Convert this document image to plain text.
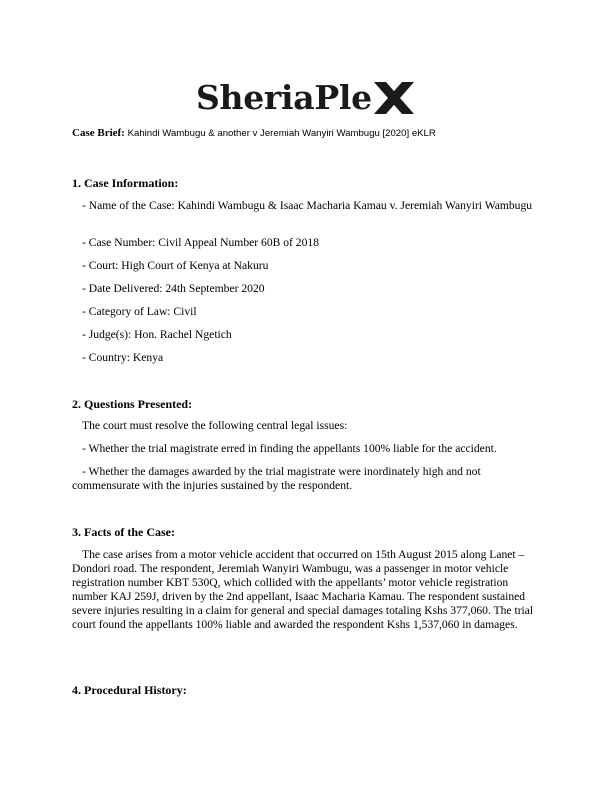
SheriaPle
Case Brief: Kahindi Wambugu & another v Jeremiah Wanyiri Wambugu [2020] eKLR
1. Case Information:
- Name of the Case: Kahindi Wambugu & Isaac Macharia Kamau v. Jeremiah Wanyiri Wambugu
- Case Number: Civil Appeal Number 60B of 2018
- Court: High Court of Kenya at Nakuru
- Date Delivered: 24th September 2020
- Category of Law: Civil
- Judge(s): Hon. Rachel Ngetich
- Country: Kenya
2. Questions Presented:
The court must resolve the following central legal issues:
- Whether the trial magistrate erred in finding the appellants 100% liable for the accident.
- Whether the damages awarded by the trial magistrate were inordinately high and not commensurate with the injuries sustained by the respondent.
3. Facts of the Case:
The case arises from a motor vehicle accident that occurred on 15th August 2015 along Lanet – Dondori road. The respondent, Jeremiah Wanyiri Wambugu, was a passenger in motor vehicle registration number KBT 530Q, which collided with the appellants’ motor vehicle registration number KAJ 259J, driven by the 2nd appellant, Isaac Macharia Kamau. The respondent sustained severe injuries resulting in a claim for general and special damages totaling Kshs 377,060. The trial court found the appellants 100% liable and awarded the respondent Kshs 1,537,060 in damages.
4. Procedural History:
